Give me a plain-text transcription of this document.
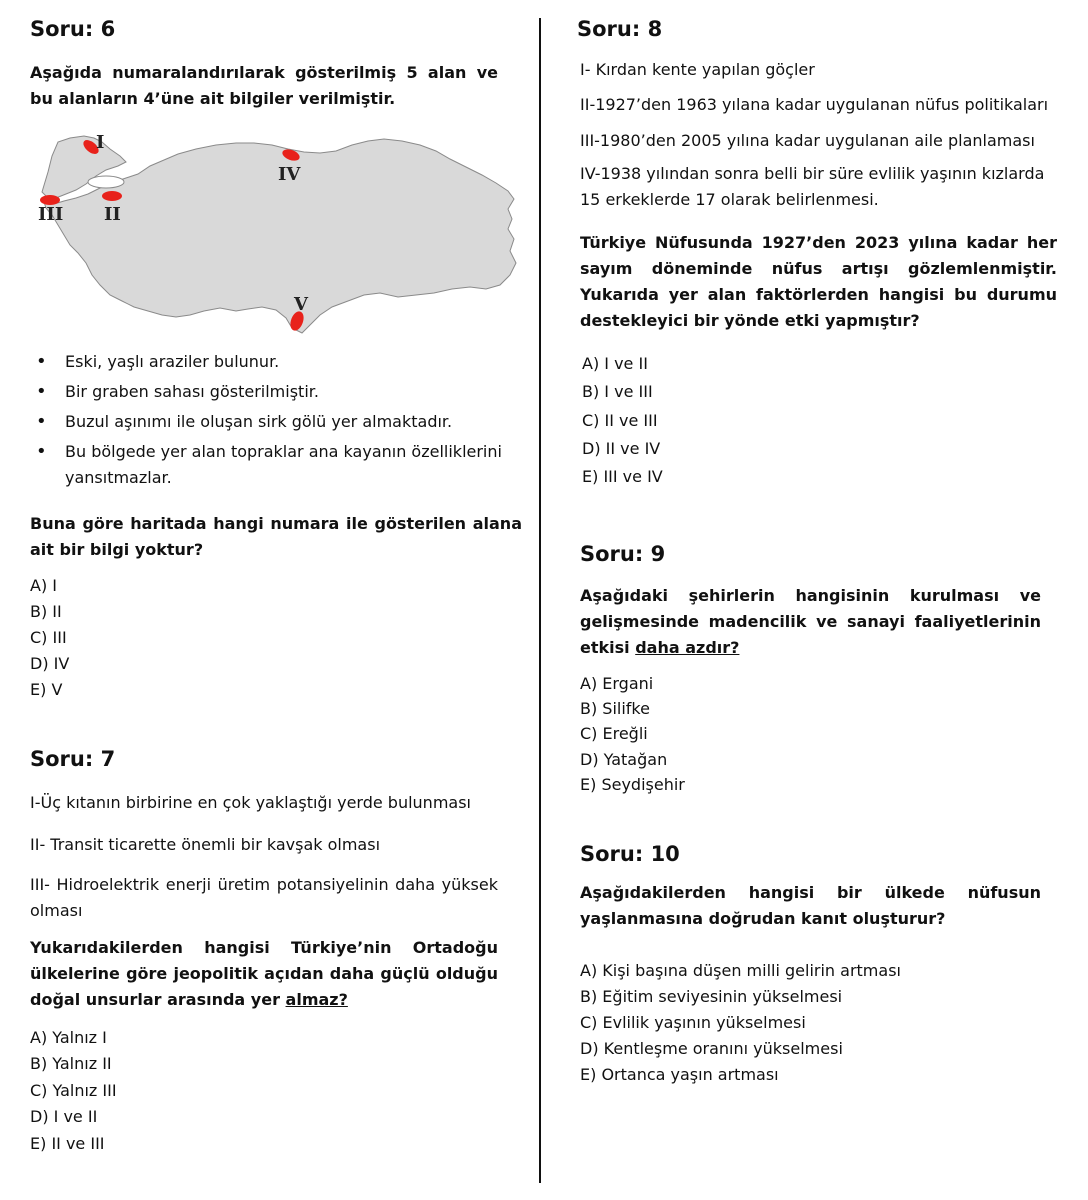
Soru: 6
Aşağıda numaralandırılarak gösterilmiş 5 alan ve bu alanların 4’üne ait bilgiler verilmiştir.
I
II
III
IV
V
• Eski, yaşlı araziler bulunur.
• Bir graben sahası gösterilmiştir.
• Buzul aşınımı ile oluşan sirk gölü yer almaktadır.
• Bu bölgede yer alan topraklar ana kayanın özelliklerini yansıtmazlar.
Buna göre haritada hangi numara ile gösterilen alana ait bir bilgi yoktur?
A) I
B) II
C) III
D) IV
E) V
Soru: 7
I-Üç kıtanın birbirine en çok yaklaştığı yerde bulunması
II- Transit ticarette önemli bir kavşak olması
III- Hidroelektrik enerji üretim potansiyelinin daha yüksek olması
Yukarıdakilerden hangisi Türkiye’nin Ortadoğu ülkelerine göre jeopolitik açıdan daha güçlü olduğu doğal unsurlar arasında yer almaz?
A) Yalnız I
B) Yalnız II
C) Yalnız III
D) I ve II
E) II ve III
Soru: 8
I- Kırdan kente yapılan göçler
II-1927’den 1963 yılana kadar uygulanan nüfus politikaları
III-1980’den 2005 yılına kadar uygulanan aile planlaması
IV-1938 yılından sonra belli bir süre evlilik yaşının kızlarda 15 erkeklerde 17 olarak belirlenmesi.
Türkiye Nüfusunda 1927’den 2023 yılına kadar her sayım döneminde nüfus artışı gözlemlenmiştir. Yukarıda yer alan faktörlerden hangisi bu durumu destekleyici bir yönde etki yapmıştır?
A) I ve II
B) I ve III
C) II ve III
D) II ve IV
E) III ve IV
Soru: 9
Aşağıdaki şehirlerin hangisinin kurulması ve gelişmesinde madencilik ve sanayi faaliyetlerinin etkisi daha azdır?
A) Ergani
B) Silifke
C) Ereğli
D) Yatağan
E) Seydişehir
Soru: 10
Aşağıdakilerden hangisi bir ülkede nüfusun yaşlanmasına doğrudan kanıt oluşturur?
A) Kişi başına düşen milli gelirin artması
B) Eğitim seviyesinin yükselmesi
C) Evlilik yaşının yükselmesi
D) Kentleşme oranını yükselmesi
E) Ortanca yaşın artması
